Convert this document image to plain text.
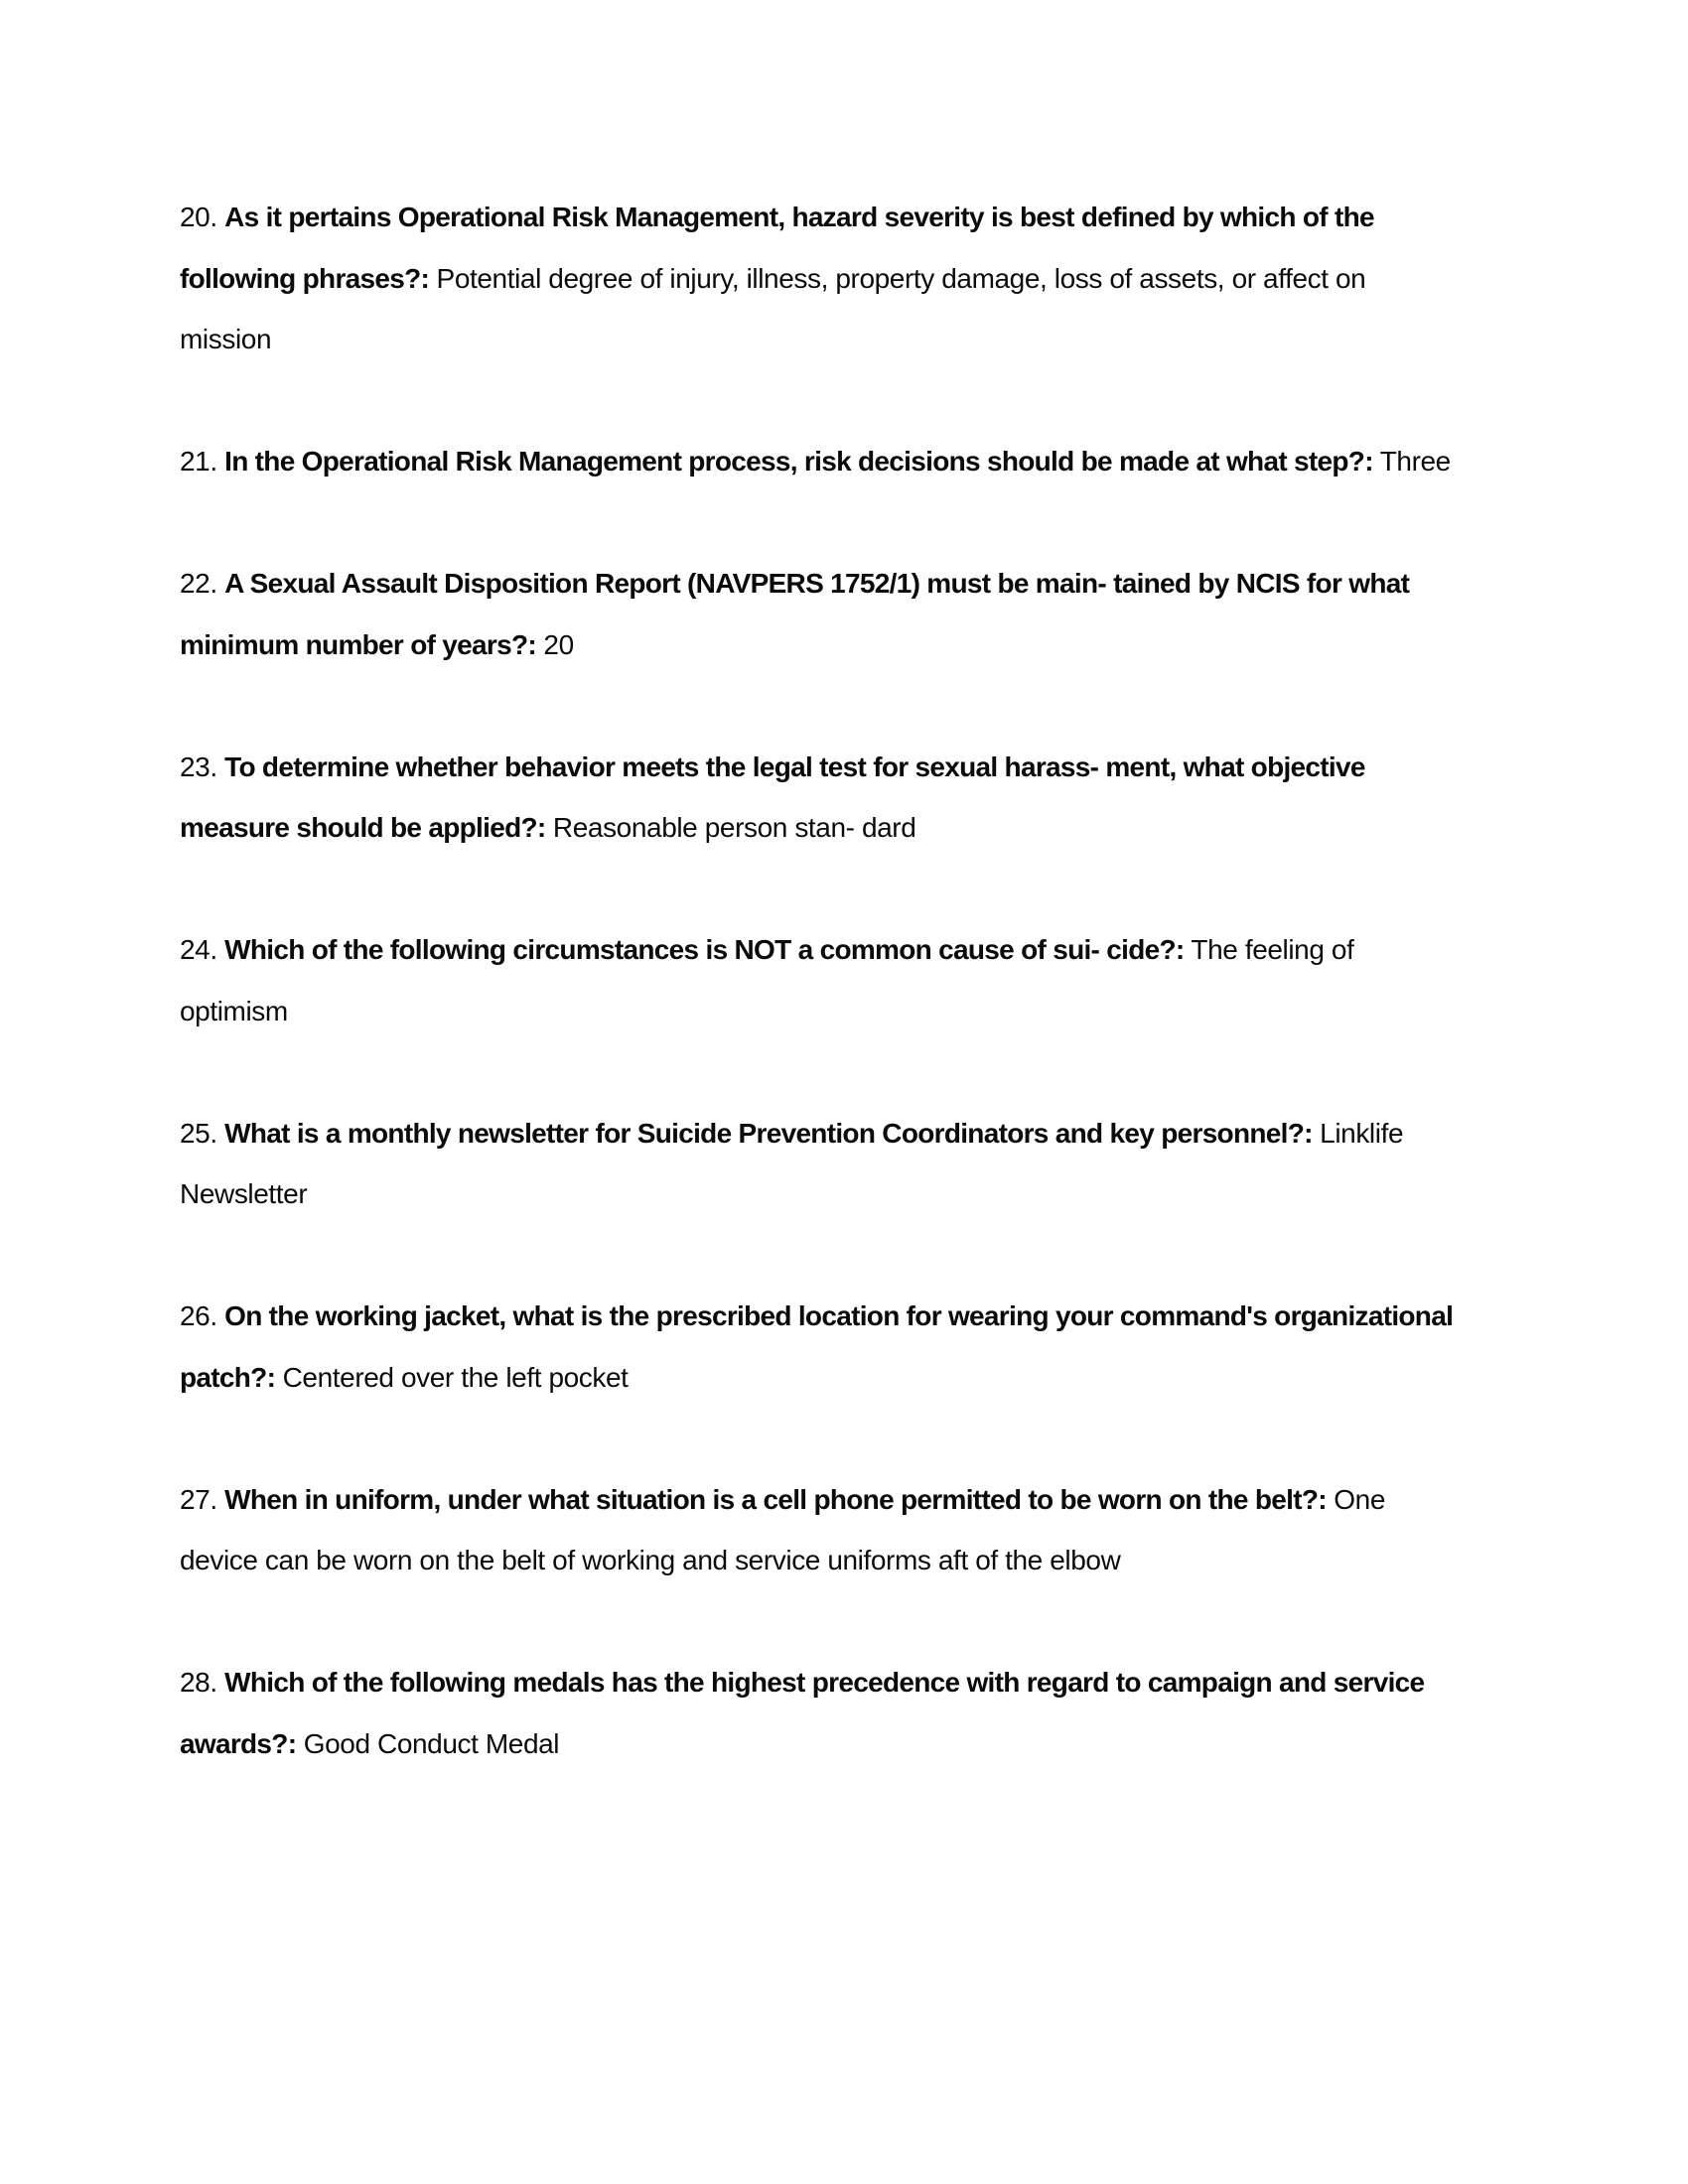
20. As it pertains Operational Risk Management, hazard severity is best defined by which of the following phrases?: Potential degree of injury, illness, property damage, loss of assets, or affect on mission

21. In the Operational Risk Management process, risk decisions should be made at what step?: Three

22. A Sexual Assault Disposition Report (NAVPERS 1752/1) must be main- tained by NCIS for what minimum number of years?: 20

23. To determine whether behavior meets the legal test for sexual harass- ment, what objective measure should be applied?: Reasonable person stan- dard

24. Which of the following circumstances is NOT a common cause of sui- cide?: The feeling of optimism

25. What is a monthly newsletter for Suicide Prevention Coordinators and key personnel?: Linklife Newsletter

26. On the working jacket, what is the prescribed location for wearing your command's organizational patch?: Centered over the left pocket

27. When in uniform, under what situation is a cell phone permitted to be worn on the belt?: One device can be worn on the belt of working and service uniforms aft of the elbow

28. Which of the following medals has the highest precedence with regard to campaign and service awards?: Good Conduct Medal
